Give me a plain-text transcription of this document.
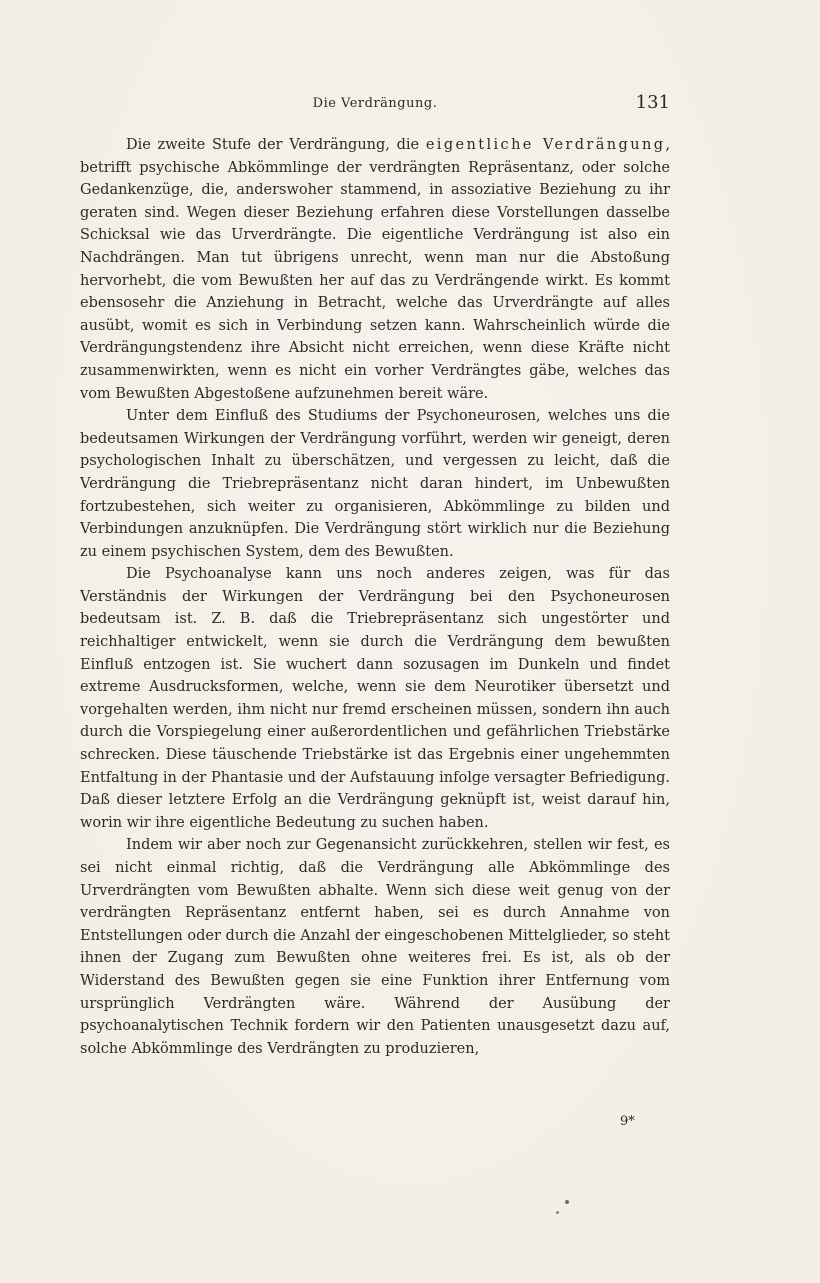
Die Verdrängung.	131

Die zweite Stufe der Verdrängung, die eigentliche Verdrängung, betrifft psychische Abkömmlinge der verdrängten Repräsentanz, oder solche Gedankenzüge, die, anderswoher stammend, in assoziative Beziehung zu ihr geraten sind. Wegen dieser Beziehung erfahren diese Vorstellungen dasselbe Schicksal wie das Urverdrängte. Die eigentliche Verdrängung ist also ein Nachdrängen. Man tut übrigens unrecht, wenn man nur die Abstoßung hervorhebt, die vom Bewußten her auf das zu Verdrängende wirkt. Es kommt ebensosehr die Anziehung in Betracht, welche das Urverdrängte auf alles ausübt, womit es sich in Verbindung setzen kann. Wahrscheinlich würde die Verdrängungstendenz ihre Absicht nicht erreichen, wenn diese Kräfte nicht zusammenwirkten, wenn es nicht ein vorher Verdrängtes gäbe, welches das vom Bewußten Abgestoßene aufzunehmen bereit wäre.

Unter dem Einfluß des Studiums der Psychoneurosen, welches uns die bedeutsamen Wirkungen der Verdrängung vorführt, werden wir geneigt, deren psychologischen Inhalt zu überschätzen, und vergessen zu leicht, daß die Verdrängung die Triebrepräsentanz nicht daran hindert, im Unbewußten fortzubestehen, sich weiter zu organisieren, Abkömmlinge zu bilden und Verbindungen anzuknüpfen. Die Verdrängung stört wirklich nur die Beziehung zu einem psychischen System, dem des Bewußten.

Die Psychoanalyse kann uns noch anderes zeigen, was für das Verständnis der Wirkungen der Verdrängung bei den Psychoneurosen bedeutsam ist. Z. B. daß die Triebrepräsentanz sich ungestörter und reichhaltiger entwickelt, wenn sie durch die Verdrängung dem bewußten Einfluß entzogen ist. Sie wuchert dann sozusagen im Dunkeln und findet extreme Ausdrucksformen, welche, wenn sie dem Neurotiker übersetzt und vorgehalten werden, ihm nicht nur fremd erscheinen müssen, sondern ihn auch durch die Vorspiegelung einer außerordentlichen und gefährlichen Triebstärke schrecken. Diese täuschende Triebstärke ist das Ergebnis einer ungehemmten Entfaltung in der Phantasie und der Aufstauung infolge versagter Befriedigung. Daß dieser letztere Erfolg an die Verdrängung geknüpft ist, weist darauf hin, worin wir ihre eigentliche Bedeutung zu suchen haben.

Indem wir aber noch zur Gegenansicht zurückkehren, stellen wir fest, es sei nicht einmal richtig, daß die Verdrängung alle Abkömmlinge des Urverdrängten vom Bewußten abhalte. Wenn sich diese weit genug von der verdrängten Repräsentanz entfernt haben, sei es durch Annahme von Entstellungen oder durch die Anzahl der eingeschobenen Mittelglieder, so steht ihnen der Zugang zum Bewußten ohne weiteres frei. Es ist, als ob der Widerstand des Bewußten gegen sie eine Funktion ihrer Entfernung vom ursprünglich Verdrängten wäre. Während der Ausübung der psychoanalytischen Technik fordern wir den Patienten unausgesetzt dazu auf, solche Abkömmlinge des Verdrängten zu produzieren,

9*
